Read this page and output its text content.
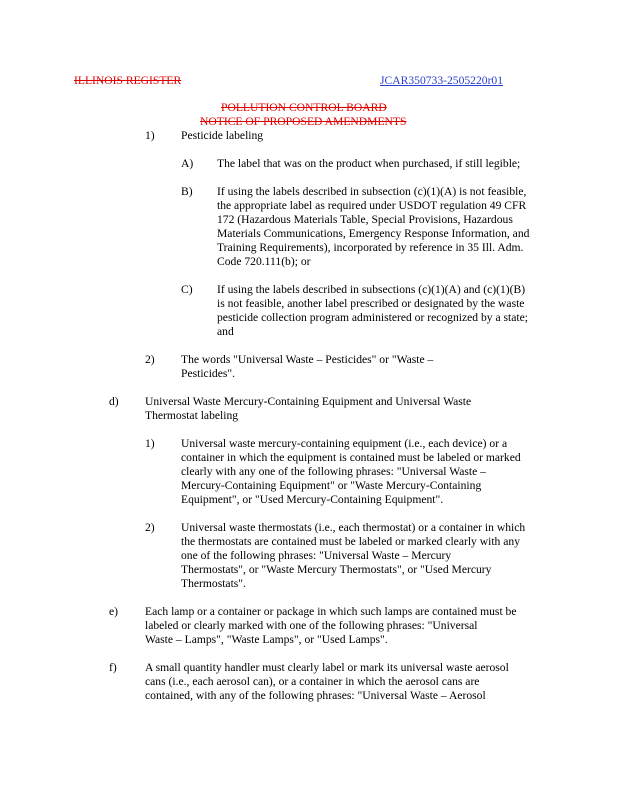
ILLINOIS REGISTER	JCAR350733-2505220r01
POLLUTION CONTROL BOARD
NOTICE OF PROPOSED AMENDMENTS
1) Pesticide labeling
A) The label that was on the product when purchased, if still legible;
B) If using the labels described in subsection (c)(1)(A) is not feasible,
the appropriate label as required under USDOT regulation 49 CFR
172 (Hazardous Materials Table, Special Provisions, Hazardous
Materials Communications, Emergency Response Information, and
Training Requirements), incorporated by reference in 35 Ill. Adm.
Code 720.111(b); or
C) If using the labels described in subsections (c)(1)(A) and (c)(1)(B)
is not feasible, another label prescribed or designated by the waste
pesticide collection program administered or recognized by a state;
and
2) The words "Universal Waste – Pesticides" or "Waste –
Pesticides".
d) Universal Waste Mercury-Containing Equipment and Universal Waste
Thermostat labeling
1) Universal waste mercury-containing equipment (i.e., each device) or a
container in which the equipment is contained must be labeled or marked
clearly with any one of the following phrases: "Universal Waste –
Mercury-Containing Equipment" or "Waste Mercury-Containing
Equipment", or "Used Mercury-Containing Equipment".
2) Universal waste thermostats (i.e., each thermostat) or a container in which
the thermostats are contained must be labeled or marked clearly with any
one of the following phrases: "Universal Waste – Mercury
Thermostats", or "Waste Mercury Thermostats", or "Used Mercury
Thermostats".
e) Each lamp or a container or package in which such lamps are contained must be
labeled or clearly marked with one of the following phrases: "Universal
Waste – Lamps", "Waste Lamps", or "Used Lamps".
f) A small quantity handler must clearly label or mark its universal waste aerosol
cans (i.e., each aerosol can), or a container in which the aerosol cans are
contained, with any of the following phrases: "Universal Waste – Aerosol
